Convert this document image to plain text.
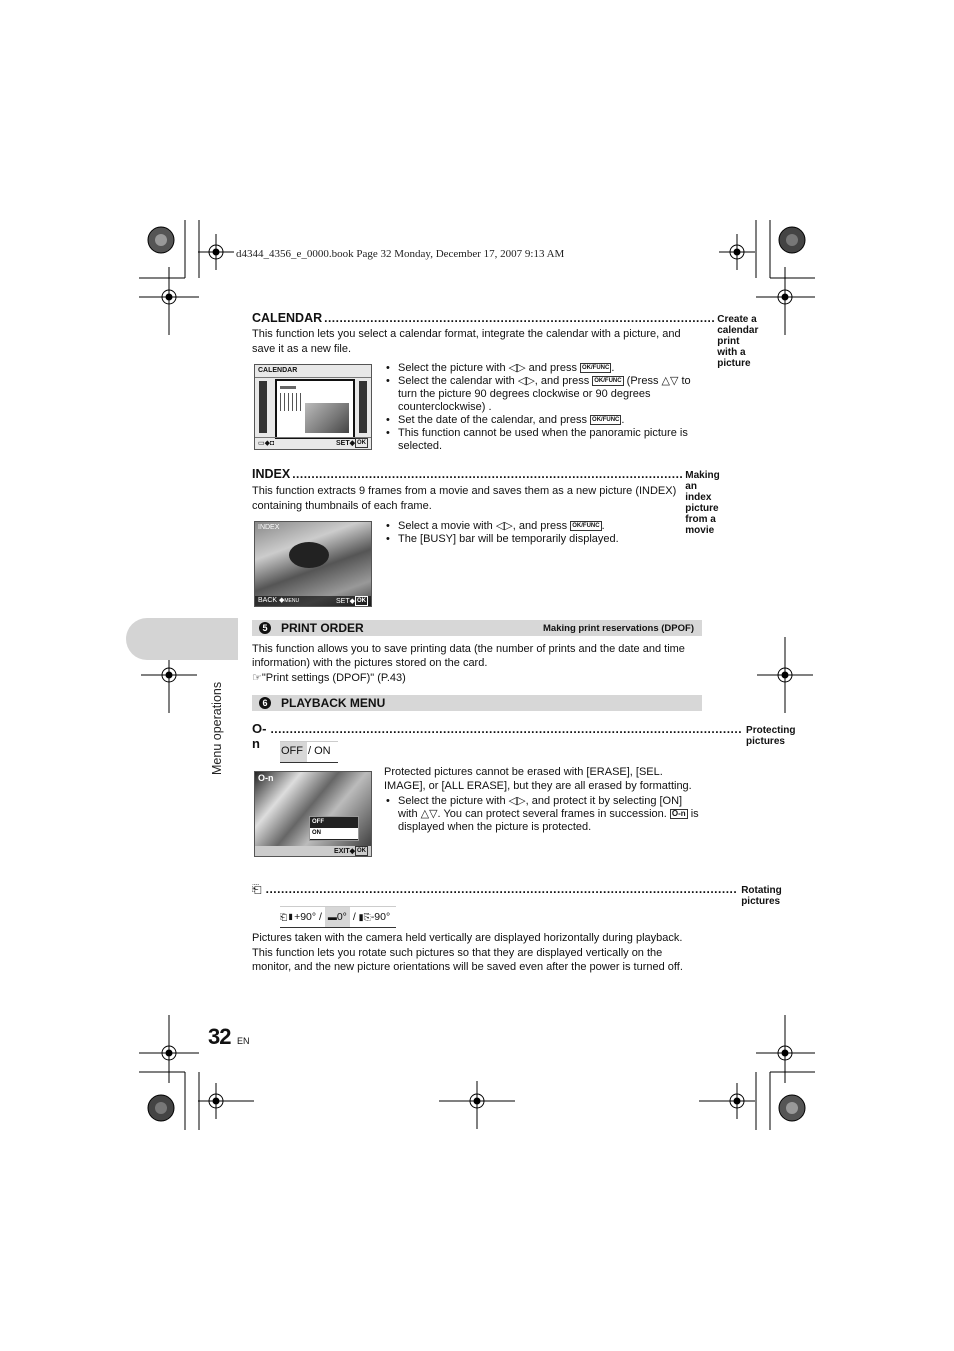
d4344_4356_e_0000.book Page 32 Monday, December 17, 2007 9:13 AM
Menu operations
CALENDAR ...................................................................................................... Create a calendar print with a picture
This function lets you select a calendar format, integrate the calendar with a picture, and save it as a new file.
CALENDAR
▭◆◘	SET◆ OK
• Select the picture with ◁▷ and press OK/FUNC .
• Select the calendar with ◁▷, and press OK/FUNC (Press △▽ to turn the picture 90 degrees clockwise or 90 degrees counterclockwise) .
• Set the date of the calendar, and press OK/FUNC .
• This function cannot be used when the panoramic picture is selected.
INDEX ...................................................................................................... Making an index picture from a movie
This function extracts 9 frames from a movie and saves them as a new picture (INDEX) containing thumbnails of each frame.
INDEX
BACK ◆MENU	SET◆ OK
• Select a movie with ◁▷, and press OK/FUNC .
• The [BUSY] bar will be temporarily displayed.
5 PRINT ORDER	Making print reservations (DPOF)
This function allows you to save printing data (the number of prints and the date and time information) with the pictures stored on the card.
☞"Print settings (DPOF)" (P.43)
6 PLAYBACK MENU
O-n
........................................................................................................................... Protecting pictures
OFF / ON
O-n
OFF
ON
EXIT◆ OK
Protected pictures cannot be erased with [ERASE], [SEL. IMAGE], or [ALL ERASE], but they are all erased by formatting.
• Select the picture with ◁▷, and protect it by selecting [ON] with △▽. You can protect several frames in succession. O-n is displayed when the picture is protected.
⎗ ........................................................................................................................... Rotating pictures
⎗▮+90° / ▬0° / ▮⎘-90°
Pictures taken with the camera held vertically are displayed horizontally during playback. This function lets you rotate such pictures so that they are displayed vertically on the monitor, and the new picture orientations will be saved even after the power is turned off.
32 EN
